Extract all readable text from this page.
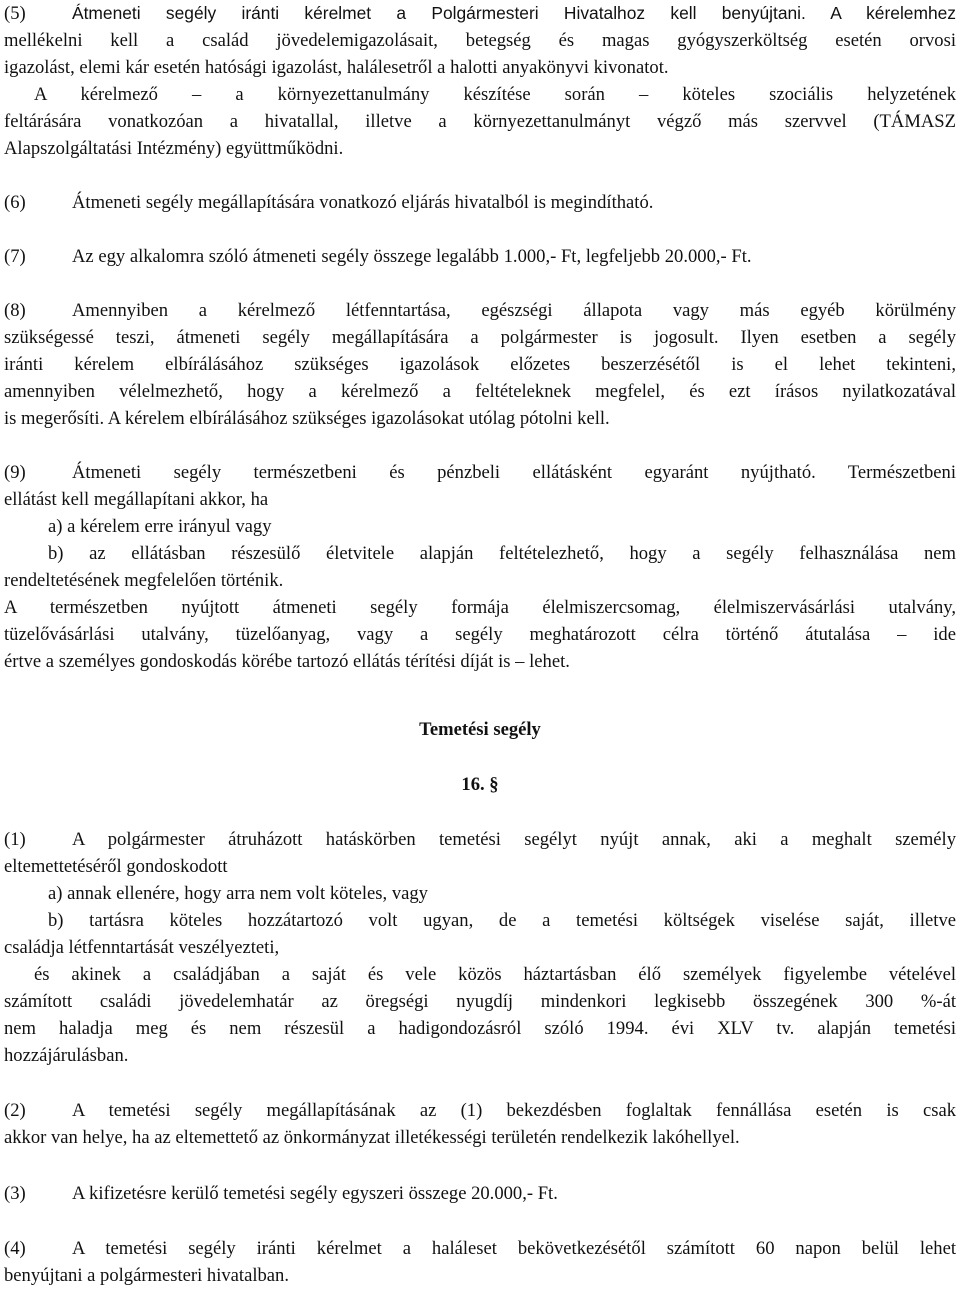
(5)	Átmeneti segély iránti kérelmet a Polgármesteri Hivatalhoz kell benyújtani. A kérelemhez
mellékelni kell a család jövedelemigazolásait, betegség és magas gyógyszerköltség esetén orvosi
igazolást, elemi kár esetén hatósági igazolást, halálesetről a halotti anyakönyvi kivonatot.
A kérelmező – a környezettanulmány készítése során – köteles szociális helyzetének
feltárására vonatkozóan a hivatallal, illetve a környezettanulmányt végző más szervvel (TÁMASZ
Alapszolgáltatási Intézmény) együttműködni.
(6) Átmeneti segély megállapítására vonatkozó eljárás hivatalból is megindítható.
(7) Az egy alkalomra szóló átmeneti segély összege legalább 1.000,- Ft, legfeljebb 20.000,- Ft.
(8) Amennyiben a kérelmező létfenntartása, egészségi állapota vagy más egyéb körülmény
szükségessé teszi, átmeneti segély megállapítására a polgármester is jogosult. Ilyen esetben a segély
iránti kérelem elbírálásához szükséges igazolások előzetes beszerzésétől is el lehet tekinteni,
amennyiben vélelmezhető, hogy a kérelmező a feltételeknek megfelel, és ezt írásos nyilatkozatával
is megerősíti. A kérelem elbírálásához szükséges igazolásokat utólag pótolni kell.
(9) Átmeneti segély természetbeni és pénzbeli ellátásként egyaránt nyújtható. Természetbeni
ellátást kell megállapítani akkor, ha
a) a kérelem erre irányul vagy
b) az ellátásban részesülő életvitele alapján feltételezhető, hogy a segély felhasználása nem
rendeltetésének megfelelően történik.
A természetben nyújtott átmeneti segély formája élelmiszercsomag, élelmiszervásárlási utalvány,
tüzelővásárlási utalvány, tüzelőanyag, vagy a segély meghatározott célra történő átutalása – ide
értve a személyes gondoskodás körébe tartozó ellátás térítési díját is – lehet.
Temetési segély
16. §
(1) A polgármester átruházott hatáskörben temetési segélyt nyújt annak, aki a meghalt személy
eltemettetéséről gondoskodott
a) annak ellenére, hogy arra nem volt köteles, vagy
b) tartásra köteles hozzátartozó volt ugyan, de a temetési költségek viselése saját, illetve
családja létfenntartását veszélyezteti,
és akinek a családjában a saját és vele közös háztartásban élő személyek figyelembe vételével
számított családi jövedelemhatár az öregségi nyugdíj mindenkori legkisebb összegének 300 %-át
nem haladja meg és nem részesül a hadigondozásról szóló 1994. évi XLV tv. alapján temetési
hozzájárulásban.
(2) A temetési segély megállapításának az (1) bekezdésben foglaltak fennállása esetén is csak
akkor van helye, ha az eltemettető az önkormányzat illetékességi területén rendelkezik lakóhellyel.
(3) A kifizetésre kerülő temetési segély egyszeri összege 20.000,- Ft.
(4) A temetési segély iránti kérelmet a haláleset bekövetkezésétől számított 60 napon belül lehet
benyújtani a polgármesteri hivatalban.
